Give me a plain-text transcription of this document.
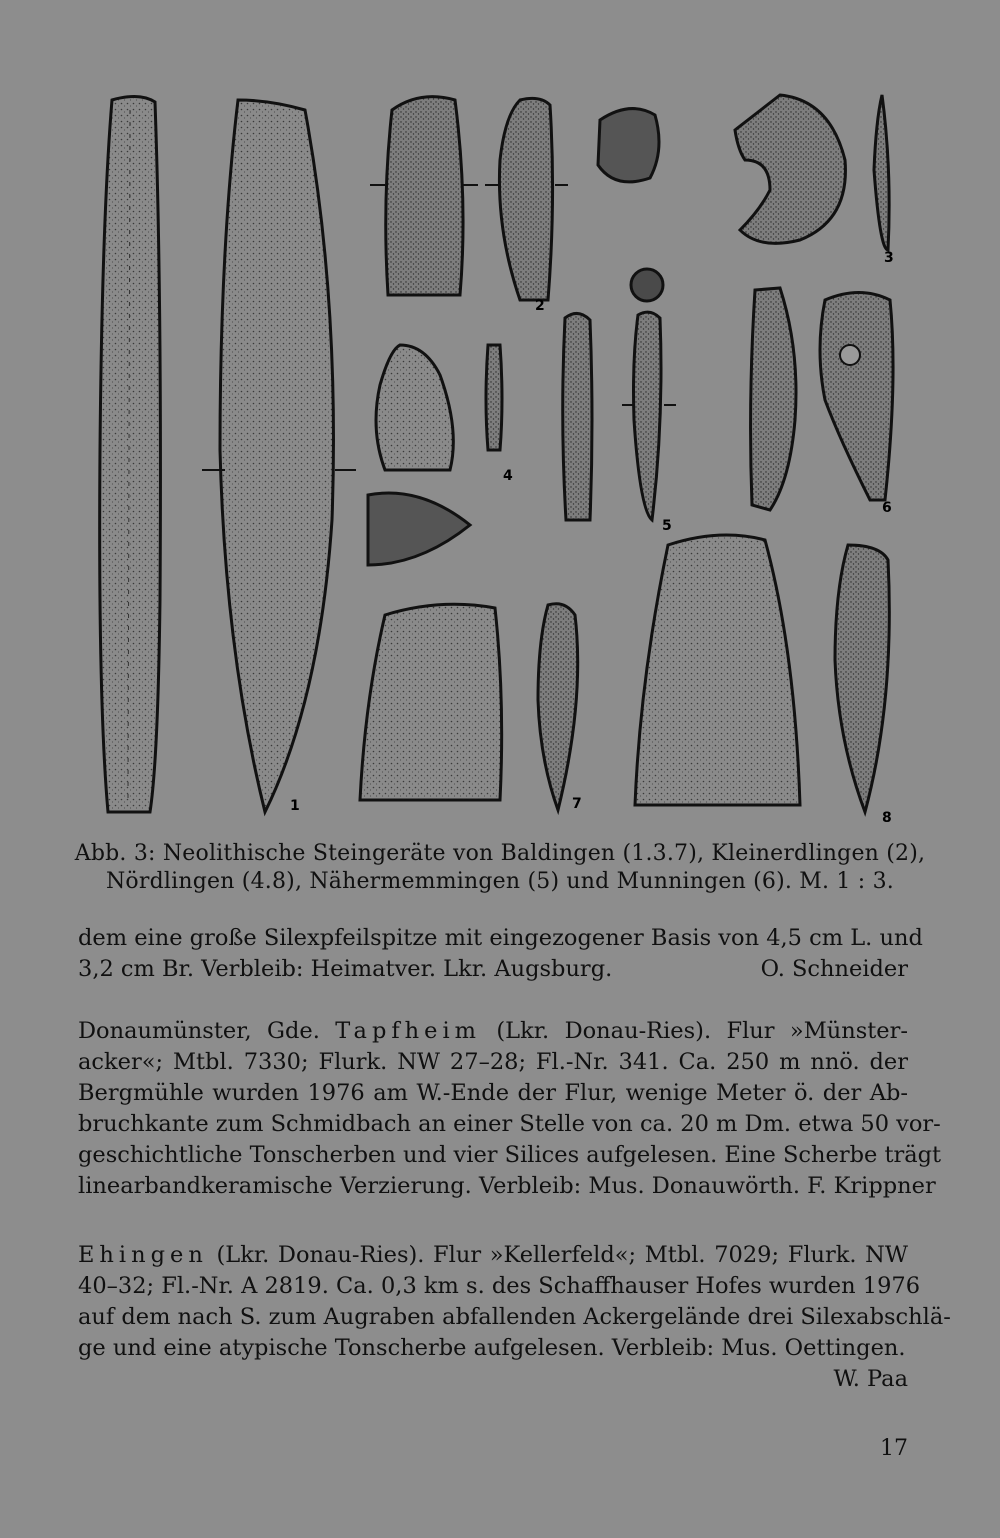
1
2
3
4
5
6
7
8
Abb. 3: Neolithische Steingeräte von Baldingen (1.3.7), Kleinerdlingen (2),
Nördlingen (4.8), Nähermemmingen (5) und Munningen (6). M. 1 : 3.
dem eine große Silexpfeilspitze mit eingezogener Basis von 4,5 cm L. und
3,2 cm Br. Verbleib: Heimatver. Lkr. Augsburg.	O. Schneider
Donaumünster, Gde. Tapfheim (Lkr. Donau-Ries). Flur »Münster-
acker«; Mtbl. 7330; Flurk. NW 27–28; Fl.-Nr. 341. Ca. 250 m nnö. der
Bergmühle wurden 1976 am W.-Ende der Flur, wenige Meter ö. der Ab-
bruchkante zum Schmidbach an einer Stelle von ca. 20 m Dm. etwa 50 vor-
geschichtliche Tonscherben und vier Silices aufgelesen. Eine Scherbe trägt
linearbandkeramische Verzierung. Verbleib: Mus. Donauwörth. F. Krippner
Ehingen (Lkr. Donau-Ries). Flur »Kellerfeld«; Mtbl. 7029; Flurk. NW
40–32; Fl.-Nr. A 2819. Ca. 0,3 km s. des Schaffhauser Hofes wurden 1976
auf dem nach S. zum Augraben abfallenden Ackergelände drei Silexabschlä-
ge und eine atypische Tonscherbe aufgelesen. Verbleib: Mus. Oettingen.
W. Paa
17
